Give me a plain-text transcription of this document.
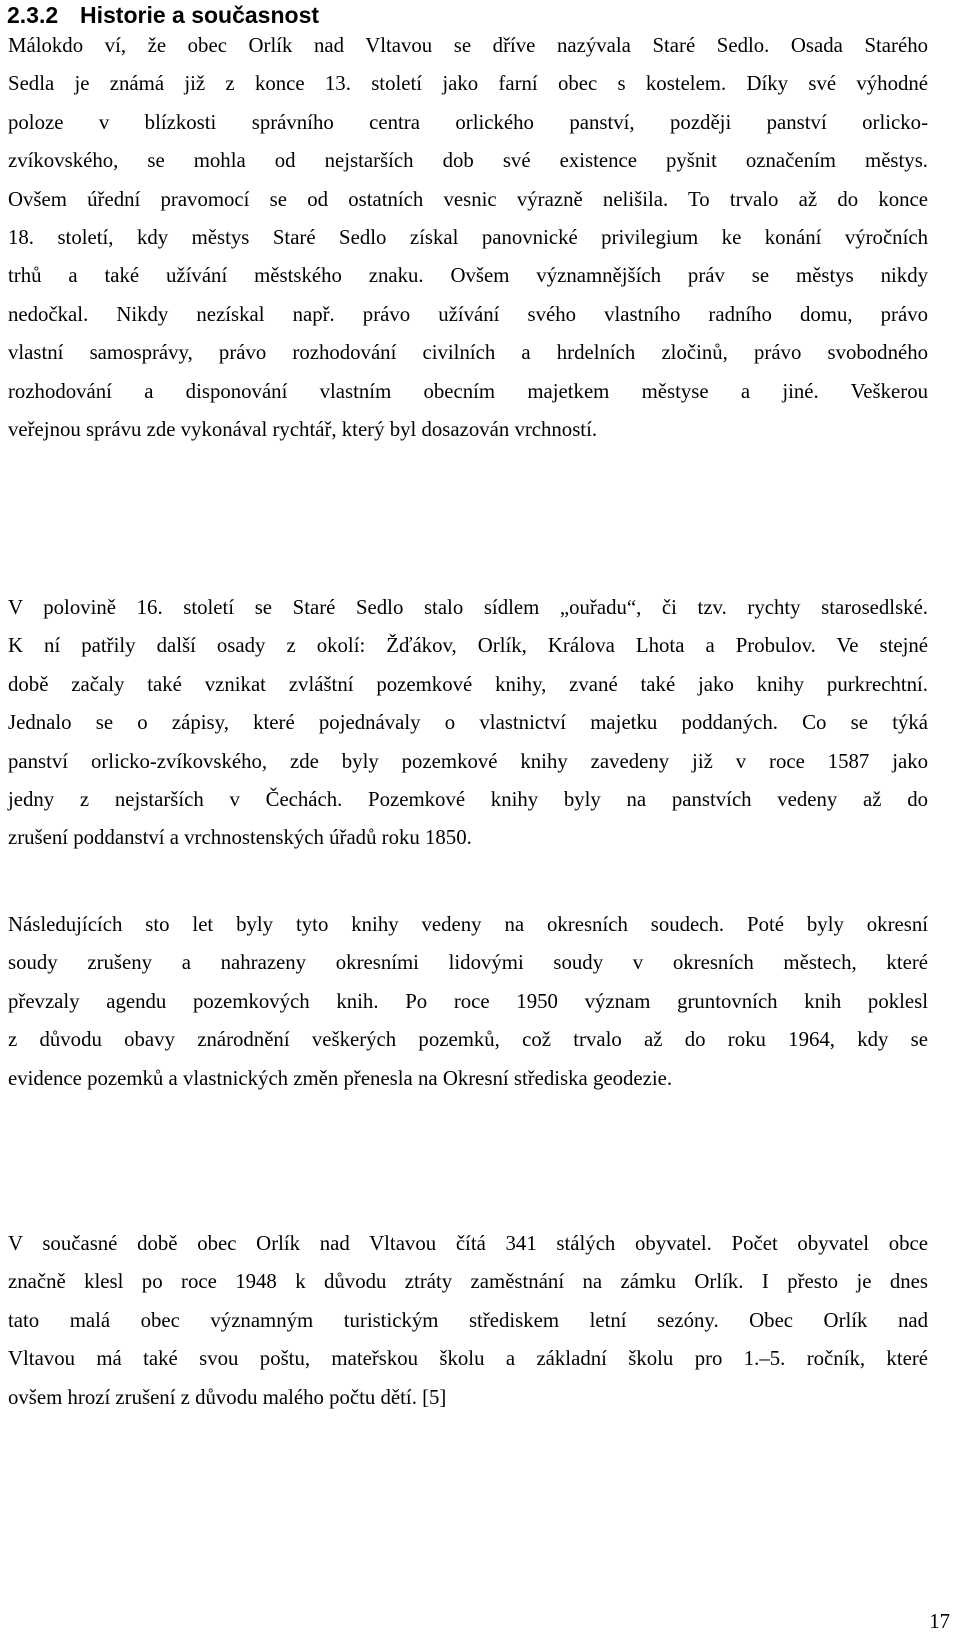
2.3.2 Historie a současnost

Málokdo ví, že obec Orlík nad Vltavou se dříve nazývala Staré Sedlo. Osada Starého
Sedla je známá již z konce 13. století jako farní obec s kostelem. Díky své výhodné
poloze v blízkosti správního centra orlického panství, později panství orlicko-
zvíkovského, se mohla od nejstarších dob své existence pyšnit označením městys.
Ovšem úřední pravomocí se od ostatních vesnic výrazně nelišila. To trvalo až do konce
18. století, kdy městys Staré Sedlo získal panovnické privilegium ke konání výročních
trhů a také užívání městského znaku. Ovšem významnějších práv se městys nikdy
nedočkal. Nikdy nezískal např. právo užívání svého vlastního radního domu, právo
vlastní samosprávy, právo rozhodování civilních a hrdelních zločinů, právo svobodného
rozhodování a disponování vlastním obecním majetkem městyse a jiné. Veškerou
veřejnou správu zde vykonával rychtář, který byl dosazován vrchností.

V polovině 16. století se Staré Sedlo stalo sídlem „ouřadu“, či tzv. rychty starosedlské.
K ní patřily další osady z okolí: Žďákov, Orlík, Králova Lhota a Probulov. Ve stejné
době začaly také vznikat zvláštní pozemkové knihy, zvané také jako knihy purkrechtní.
Jednalo se o zápisy, které pojednávaly o vlastnictví majetku poddaných. Co se týká
panství orlicko-zvíkovského, zde byly pozemkové knihy zavedeny již v roce 1587 jako
jedny z nejstarších v Čechách. Pozemkové knihy byly na panstvích vedeny až do
zrušení poddanství a vrchnostenských úřadů roku 1850.

Následujících sto let byly tyto knihy vedeny na okresních soudech. Poté byly okresní
soudy zrušeny a nahrazeny okresními lidovými soudy v okresních městech, které
převzaly agendu pozemkových knih. Po roce 1950 význam gruntovních knih poklesl
z důvodu obavy znárodnění veškerých pozemků, což trvalo až do roku 1964, kdy se
evidence pozemků a vlastnických změn přenesla na Okresní střediska geodezie.

V současné době obec Orlík nad Vltavou čítá 341 stálých obyvatel. Počet obyvatel obce
značně klesl po roce 1948 k důvodu ztráty zaměstnání na zámku Orlík. I přesto je dnes
tato malá obec významným turistickým střediskem letní sezóny. Obec Orlík nad
Vltavou má také svou poštu, mateřskou školu a základní školu pro 1.–5. ročník, které
ovšem hrozí zrušení z důvodu malého počtu dětí. [5]

17
